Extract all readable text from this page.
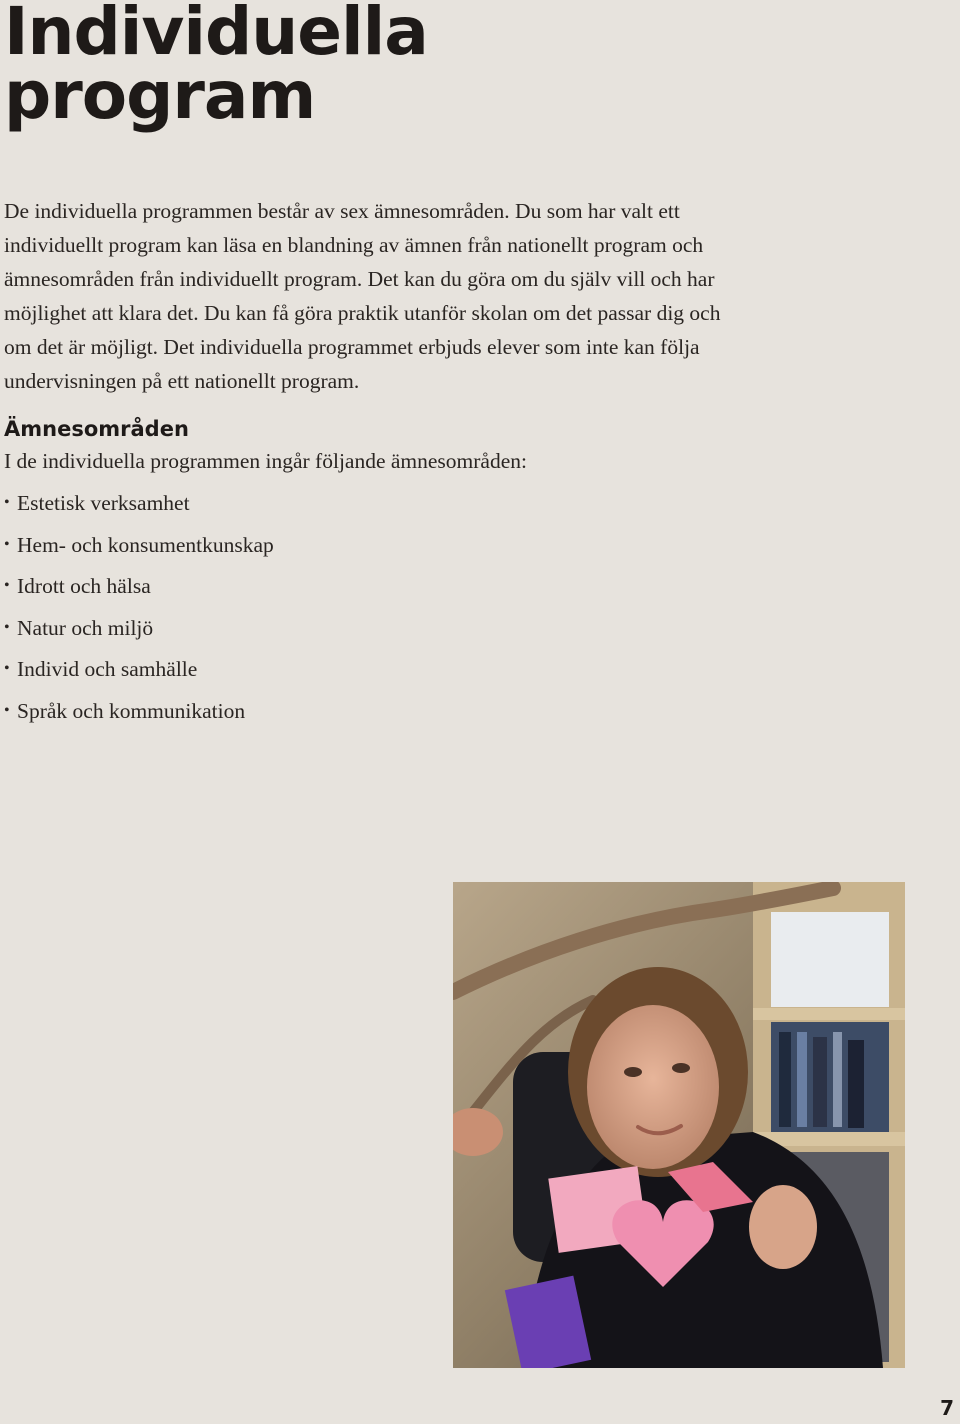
Individuella
program

De individuella programmen består av sex ämnesområden. Du som har valt ett individuellt program kan läsa en blandning av ämnen från nationellt program och ämnesområden från individuellt program. Det kan du göra om du själv vill och har möjlighet att klara det. Du kan få göra praktik utanför skolan om det passar dig och om det är möjligt. Det individuella programmet erbjuds elever som inte kan följa undervisningen på ett nationellt program.

Ämnesområden

I de individuella programmen ingår följande ämnesområden:

• Estetisk verksamhet
• Hem- och konsumentkunskap
• Idrott och hälsa
• Natur och miljö
• Individ och samhälle
• Språk och kommunikation
7
